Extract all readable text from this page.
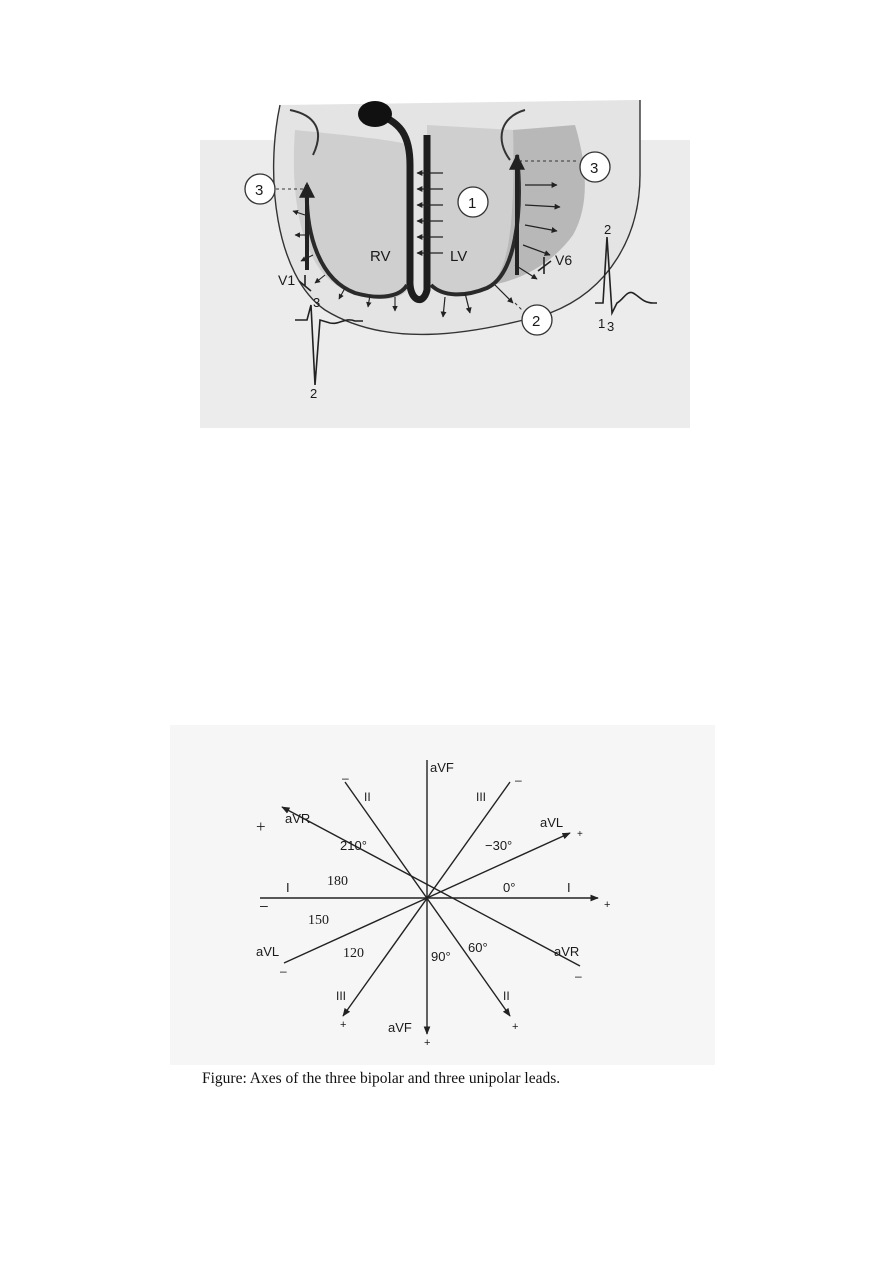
RV	LV
1
2
3
3
V1
V6
3
2
2
1 3
aVF
aVF
aVR
aVR
aVL
aVL
I	I
II
II
III
III
210°
180
150
120	90°
60°
0°
−30°
+
–	–
+
–	+
–	–
+	+
+
Figure: Axes of the three bipolar and three unipolar leads.
